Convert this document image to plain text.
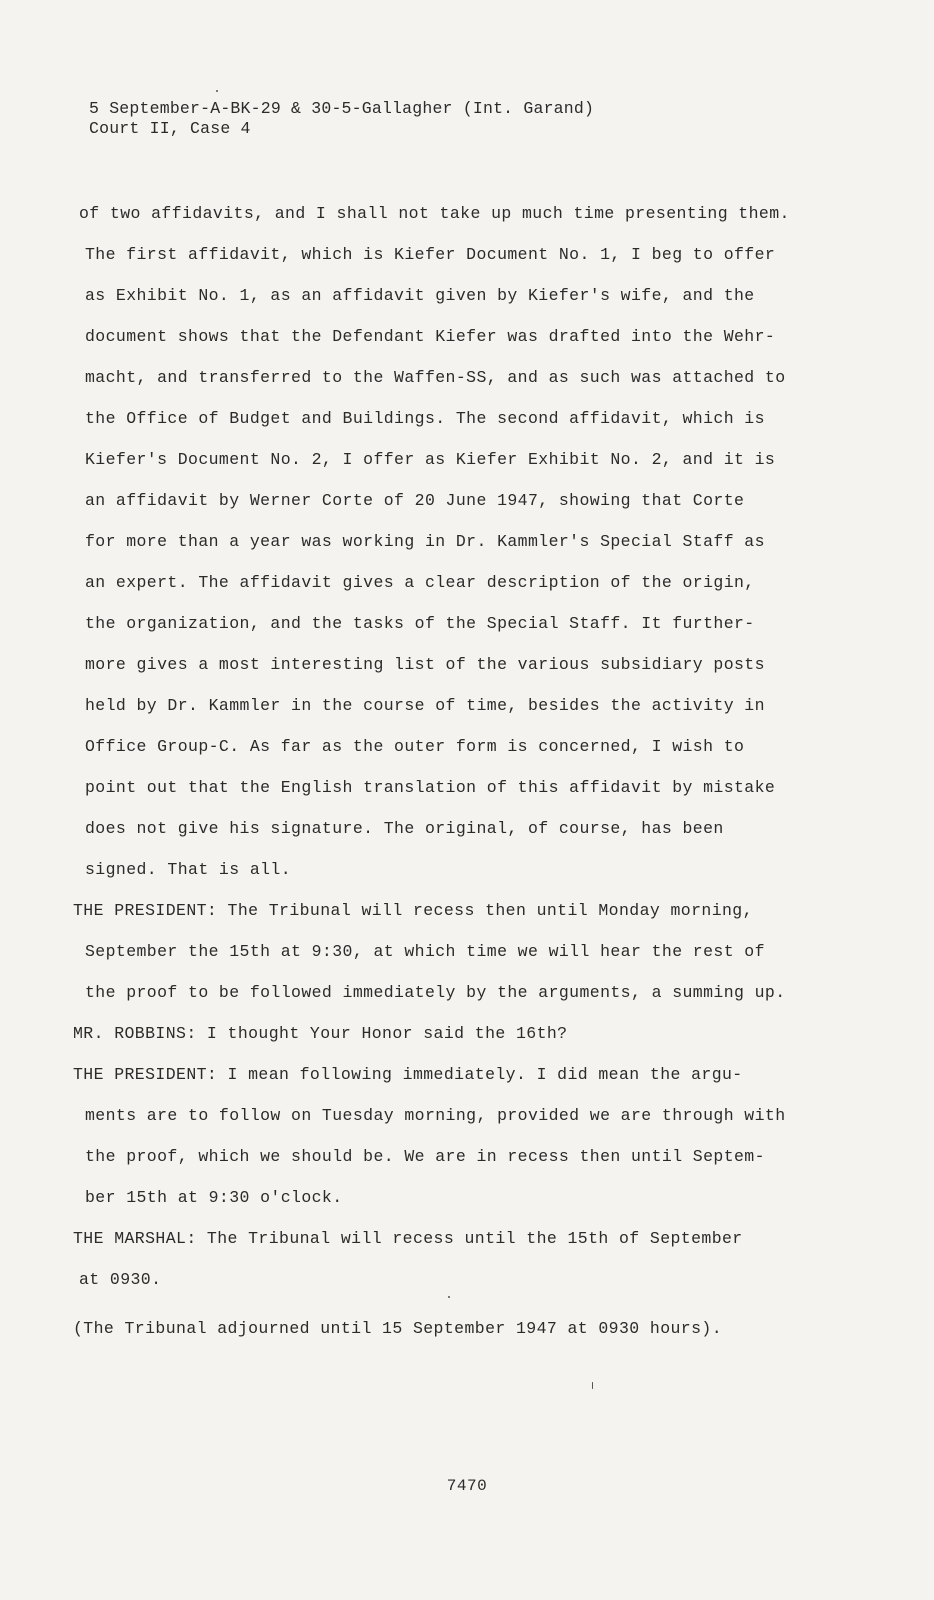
5 September-A-BK-29 & 30-5-Gallagher (Int. Garand)
Court II, Case 4
of two affidavits, and I shall not take up much time presenting them.
The first affidavit, which is Kiefer Document No. 1, I beg to offer
as Exhibit No. 1, as an affidavit given by Kiefer's wife, and the
document shows that the Defendant Kiefer was drafted into the Wehr-
macht, and transferred to the Waffen-SS, and as such was attached to
the Office of Budget and Buildings. The second affidavit, which is
Kiefer's Document No. 2, I offer as Kiefer Exhibit No. 2, and it is
an affidavit by Werner Corte of 20 June 1947, showing that Corte
for more than a year was working in Dr. Kammler's Special Staff as
an expert. The affidavit gives a clear description of the origin,
the organization, and the tasks of the Special Staff. It further-
more gives a most interesting list of the various subsidiary posts
held by Dr. Kammler in the course of time, besides the activity in
Office Group-C. As far as the outer form is concerned, I wish to
point out that the English translation of this affidavit by mistake
does not give his signature. The original, of course, has been
signed. That is all.
THE PRESIDENT: The Tribunal will recess then until Monday morning,
September the 15th at 9:30, at which time we will hear the rest of
the proof to be followed immediately by the arguments, a summing up.
MR. ROBBINS: I thought Your Honor said the 16th?
THE PRESIDENT: I mean following immediately. I did mean the argu-
ments are to follow on Tuesday morning, provided we are through with
the proof, which we should be. We are in recess then until Septem-
ber 15th at 9:30 o'clock.
THE MARSHAL: The Tribunal will recess until the 15th of September
at 0930.
(The Tribunal adjourned until 15 September 1947 at 0930 hours).
7470
